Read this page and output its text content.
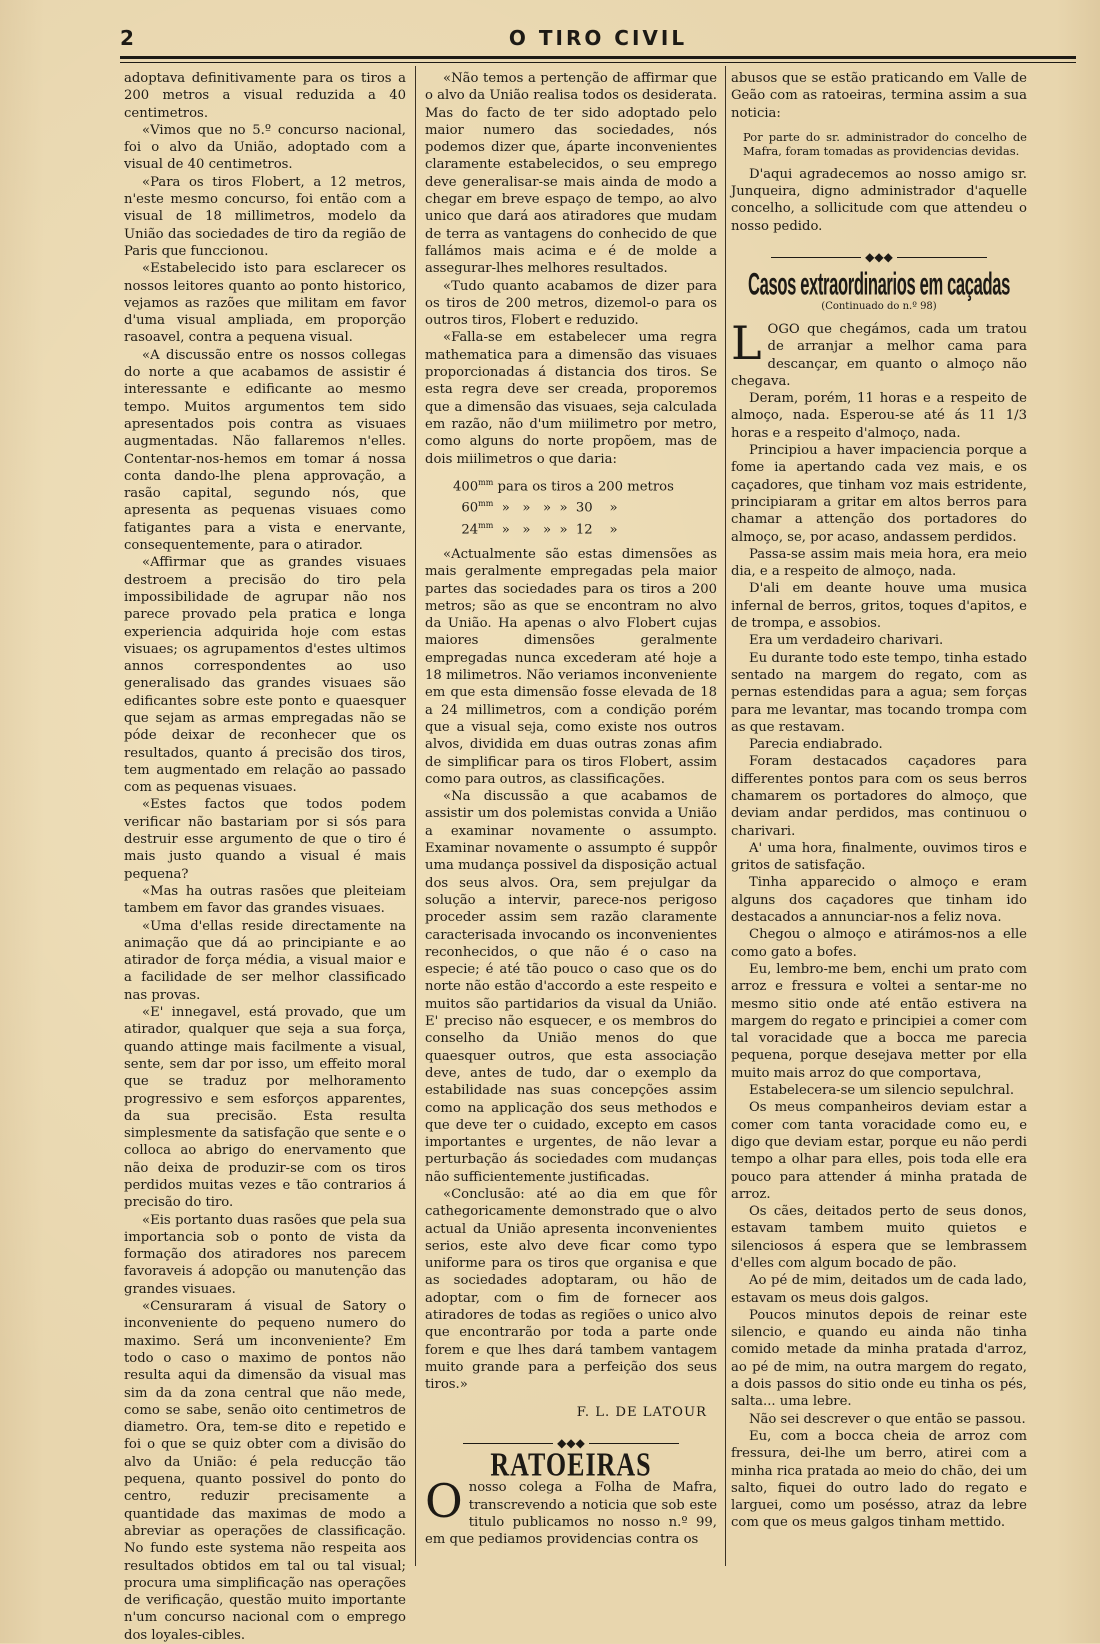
2	O TIRO CIVIL

adoptava definitivamente para os tiros a 200 metros a visual reduzida a 40 centimetros.

«Vimos que no 5.º concurso nacional, foi o alvo da União, adoptado com a visual de 40 centimetros.

«Para os tiros Flobert, a 12 metros, n'este mesmo concurso, foi então com a visual de 18 millimetros, modelo da União das sociedades de tiro da região de Paris que funccionou.

«Estabelecido isto para esclarecer os nossos leitores quanto ao ponto historico, vejamos as razões que militam em favor d'uma visual ampliada, em proporção rasoavel, contra a pequena visual.

«A discussão entre os nossos collegas do norte a que acabamos de assistir é interessante e edificante ao mesmo tempo. Muitos argumentos tem sido apresentados pois contra as visuaes augmentadas. Não fallaremos n'elles. Contentar-nos-hemos em tomar á nossa conta dando-lhe plena approvação, a rasão capital, segundo nós, que apresenta as pequenas visuaes como fatigantes para a vista e enervante, consequentemente, para o atirador.

«Affirmar que as grandes visuaes destroem a precisão do tiro pela impossibilidade de agrupar não nos parece provado pela pratica e longa experiencia adquirida hoje com estas visuaes; os agrupamentos d'estes ultimos annos correspondentes ao uso generalisado das grandes visuaes são edificantes sobre este ponto e quaesquer que sejam as armas empregadas não se póde deixar de reconhecer que os resultados, quanto á precisão dos tiros, tem augmentado em relação ao passado com as pequenas visuaes.

«Estes factos que todos podem verificar não bastariam por si sós para destruir esse argumento de que o tiro é mais justo quando a visual é mais pequena?

«Mas ha outras rasões que pleiteiam tambem em favor das grandes visuaes.

«Uma d'ellas reside directamente na animação que dá ao principiante e ao atirador de força média, a visual maior e a facilidade de ser melhor classificado nas provas.

«E' innegavel, está provado, que um atirador, qualquer que seja a sua força, quando attinge mais facilmente a visual, sente, sem dar por isso, um effeito moral que se traduz por melhoramento progressivo e sem esforços apparentes, da sua precisão. Esta resulta simplesmente da satisfação que sente e o colloca ao abrigo do enervamento que não deixa de produzir-se com os tiros perdidos muitas vezes e tão contrarios á precisão do tiro.

«Eis portanto duas rasões que pela sua importancia sob o ponto de vista da formação dos atiradores nos parecem favoraveis á adopção ou manutenção das grandes visuaes.

«Censuraram á visual de Satory o inconveniente do pequeno numero do maximo. Será um inconveniente? Em todo o caso o maximo de pontos não resulta aqui da dimensão da visual mas sim da da zona central que não mede, como se sabe, senão oito centimetros de diametro. Ora, tem-se dito e repetido e foi o que se quiz obter com a divisão do alvo da União: é pela reducção tão pequena, quanto possivel do ponto do centro, reduzir precisamente a quantidade das maximas de modo a abreviar as operações de classificação. No fundo este systema não respeita aos resultados obtidos em tal ou tal visual; procura uma simplificação nas operações de verificação, questão muito importante n'um concurso nacional com o emprego dos loyales-cibles.

«Não temos a pertenção de affirmar que o alvo da União realisa todos os desiderata. Mas do facto de ter sido adoptado pelo maior numero das sociedades, nós podemos dizer que, áparte inconvenientes claramente estabelecidos, o seu emprego deve generalisar-se mais ainda de modo a chegar em breve espaço de tempo, ao alvo unico que dará aos atiradores que mudam de terra as vantagens do conhecido de que fallámos mais acima e é de molde a assegurar-lhes melhores resultados.

«Tudo quanto acabamos de dizer para os tiros de 200 metros, dizemol-o para os outros tiros, Flobert e reduzido.

«Falla-se em estabelecer uma regra mathematica para a dimensão das visuaes proporcionadas á distancia dos tiros. Se esta regra deve ser creada, proporemos que a dimensão das visuaes, seja calculada em razão, não d'um miilimetro por metro, como alguns do norte propõem, mas de dois miilimetros o que daria:

$400^{mm}$ para os tiros a 200 metros
$60^{mm}$  »   »   »  »  30    »
$24^{mm}$  »   »   »  »  12    »

«Actualmente são estas dimensões as mais geralmente empregadas pela maior partes das sociedades para os tiros a 200 metros; são as que se encontram no alvo da União. Ha apenas o alvo Flobert cujas maiores dimensões geralmente empregadas nunca excederam até hoje a 18 milimetros. Não veriamos inconveniente em que esta dimensão fosse elevada de 18 a 24 millimetros, com a condição porém que a visual seja, como existe nos outros alvos, dividida em duas outras zonas afim de simplificar para os tiros Flobert, assim como para outros, as classificações.

«Na discussão a que acabamos de assistir um dos polemistas convida a União a examinar novamente o assumpto. Examinar novamente o assumpto é suppôr uma mudança possivel da disposição actual dos seus alvos. Ora, sem prejulgar da solução a intervir, parece-nos perigoso proceder assim sem razão claramente caracterisada invocando os inconvenientes reconhecidos, o que não é o caso na especie; é até tão pouco o caso que os do norte não estão d'accordo a este respeito e muitos são partidarios da visual da União. E' preciso não esquecer, e os membros do conselho da União menos do que quaesquer outros, que esta associação deve, antes de tudo, dar o exemplo da estabilidade nas suas concepções assim como na applicação dos seus methodos e que deve ter o cuidado, excepto em casos importantes e urgentes, de não levar a perturbação ás sociedades com mudanças não sufficientemente justificadas.

«Conclusão: até ao dia em que fôr cathegoricamente demonstrado que o alvo actual da União apresenta inconvenientes serios, este alvo deve ficar como typo uniforme para os tiros que organisa e que as sociedades adoptaram, ou hão de adoptar, com o fim de fornecer aos atiradores de todas as regiões o unico alvo que encontrarão por toda a parte onde forem e que lhes dará tambem vantagem muito grande para a perfeição dos seus tiros.»

F. L. DE LATOUR

◆◆◆
RATOEIRAS

Onosso colega a Folha de Mafra, transcrevendo a noticia que sob este titulo publicamos no nosso n.º 99, em que pediamos providencias contra os

abusos que se estão praticando em Valle de Geão com as ratoeiras, termina assim a sua noticia:

Por parte do sr. administrador do concelho de Mafra, foram tomadas as providencias devidas.

D'aqui agradecemos ao nosso amigo sr. Junqueira, digno administrador d'aquelle concelho, a sollicitude com que attendeu o nosso pedido.

◆◆◆
Casos extraordinarios em caçadas

(Continuado do n.º 98)

LOGO que chegámos, cada um tratou de arranjar a melhor cama para descançar, em quanto o almoço não chegava.

Deram, porém, 11 horas e a respeito de almoço, nada. Esperou-se até ás 11 1/3 horas e a respeito d'almoço, nada.

Principiou a haver impaciencia porque a fome ia apertando cada vez mais, e os caçadores, que tinham voz mais estridente, principiaram a gritar em altos berros para chamar a attenção dos portadores do almoço, se, por acaso, andassem perdidos.

Passa-se assim mais meia hora, era meio dia, e a respeito de almoço, nada.

D'ali em deante houve uma musica infernal de berros, gritos, toques d'apitos, e de trompa, e assobios.

Era um verdadeiro charivari.

Eu durante todo este tempo, tinha estado sentado na margem do regato, com as pernas estendidas para a agua; sem forças para me levantar, mas tocando trompa com as que restavam.

Parecia endiabrado.

Foram destacados caçadores para differentes pontos para com os seus berros chamarem os portadores do almoço, que deviam andar perdidos, mas continuou o charivari.

A' uma hora, finalmente, ouvimos tiros e gritos de satisfação.

Tinha apparecido o almoço e eram alguns dos caçadores que tinham ido destacados a annunciar-nos a feliz nova.

Chegou o almoço e atirámos-nos a elle como gato a bofes.

Eu, lembro-me bem, enchi um prato com arroz e fressura e voltei a sentar-me no mesmo sitio onde até então estivera na margem do regato e principiei a comer com tal voracidade que a bocca me parecia pequena, porque desejava metter por ella muito mais arroz do que comportava,

Estabelecera-se um silencio sepulchral.

Os meus companheiros deviam estar a comer com tanta voracidade como eu, e digo que deviam estar, porque eu não perdi tempo a olhar para elles, pois toda elle era pouco para attender á minha pratada de arroz.

Os cães, deitados perto de seus donos, estavam tambem muito quietos e silenciosos á espera que se lembrassem d'elles com algum bocado de pão.

Ao pé de mim, deitados um de cada lado, estavam os meus dois galgos.

Poucos minutos depois de reinar este silencio, e quando eu ainda não tinha comido metade da minha pratada d'arroz, ao pé de mim, na outra margem do regato, a dois passos do sitio onde eu tinha os pés, salta... uma lebre.

Não sei descrever o que então se passou.

Eu, com a bocca cheia de arroz com fressura, dei-lhe um berro, atirei com a minha rica pratada ao meio do chão, dei um salto, fiquei do outro lado do regato e larguei, como um posésso, atraz da lebre com que os meus galgos tinham mettido.
